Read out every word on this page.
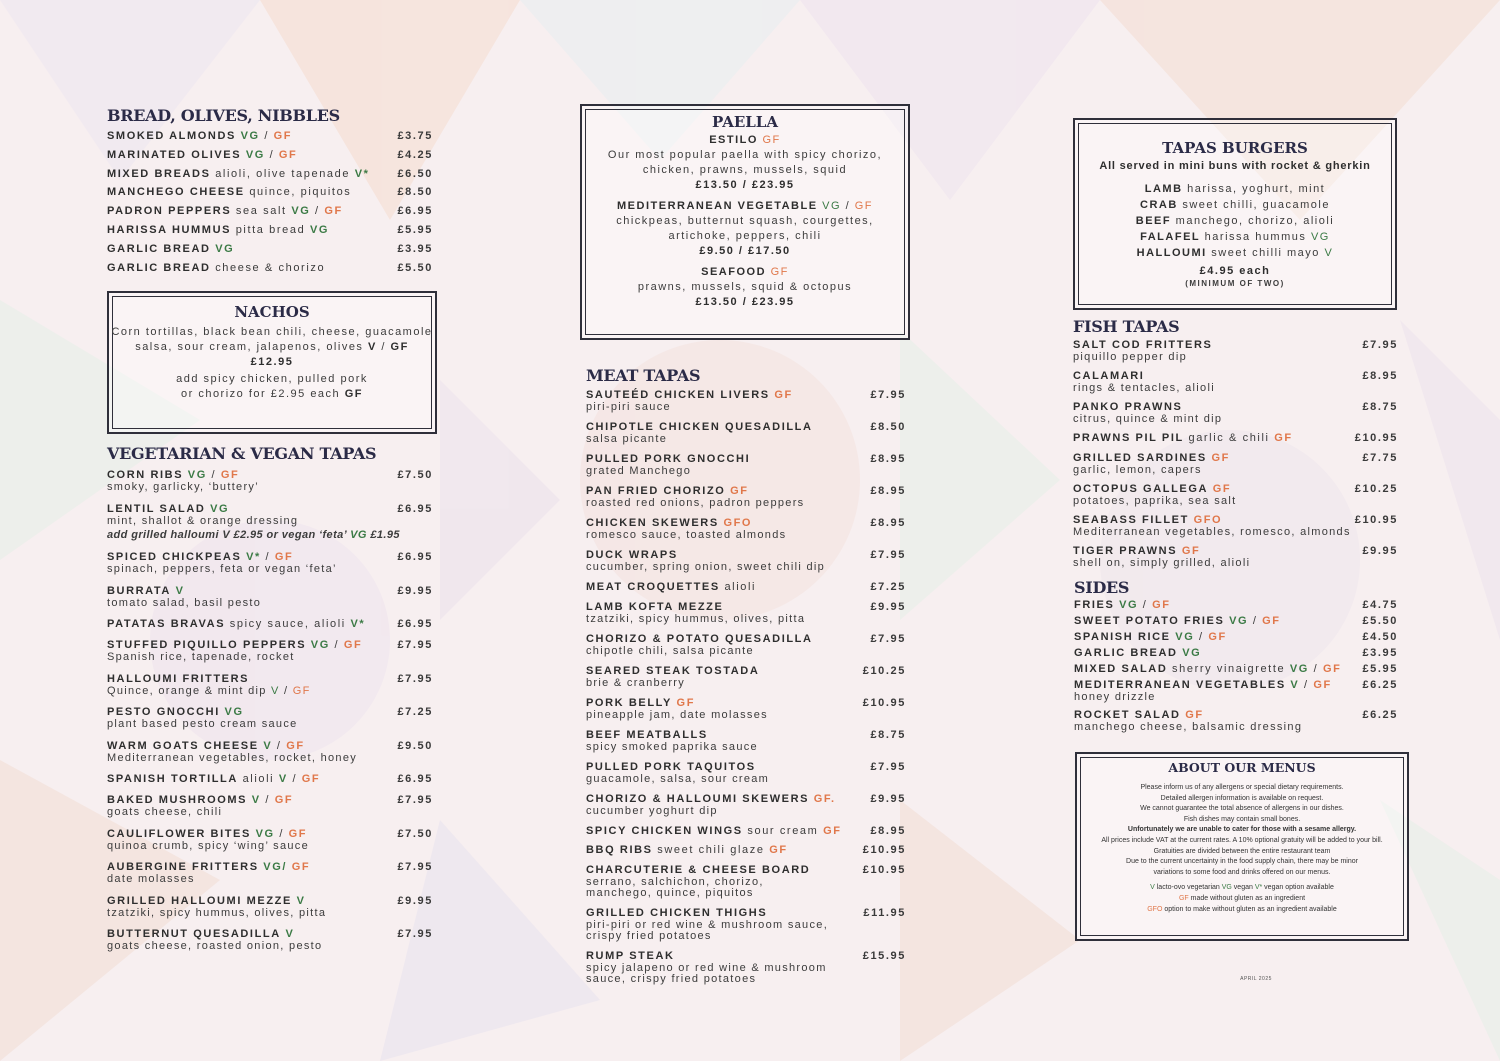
BREAD, OLIVES, NIBBLES
SMOKED ALMONDS VG / GF	£3.75
MARINATED OLIVES VG / GF	£4.25
MIXED BREADS alioli, olive tapenade V*	£6.50
MANCHEGO CHEESE quince, piquitos	£8.50
PADRON PEPPERS sea salt VG / GF	£6.95
HARISSA HUMMUS pitta bread VG	£5.95
GARLIC BREAD VG	£3.95
GARLIC BREAD cheese & chorizo	£5.50
NACHOS
Corn tortillas, black bean chili, cheese, guacamole
salsa, sour cream, jalapenos, olives V / GF
£12.95
add spicy chicken, pulled pork
or chorizo for £2.95 each GF
VEGETARIAN & VEGAN TAPAS
CORN RIBS VG / GF	£7.50
smoky, garlicky, ‘buttery’
LENTIL SALAD VG	£6.95
mint, shallot & orange dressing
add grilled halloumi V £2.95 or vegan ‘feta’ VG £1.95
SPICED CHICKPEAS V* / GF	£6.95
spinach, peppers, feta or vegan ‘feta’
BURRATA V	£9.95
tomato salad, basil pesto
PATATAS BRAVAS spicy sauce, alioli V*	£6.95
STUFFED PIQUILLO PEPPERS VG / GF	£7.95
Spanish rice, tapenade, rocket
HALLOUMI FRITTERS	£7.95
Quince, orange & mint dip V / GF
PESTO GNOCCHI VG	£7.25
plant based pesto cream sauce
WARM GOATS CHEESE V / GF	£9.50
Mediterranean vegetables, rocket, honey
SPANISH TORTILLA alioli V / GF	£6.95
BAKED MUSHROOMS V / GF	£7.95
goats cheese, chili
CAULIFLOWER BITES VG / GF	£7.50
quinoa crumb, spicy ‘wing’ sauce
AUBERGINE FRITTERS VG/ GF	£7.95
date molasses
GRILLED HALLOUMI MEZZE V	£9.95
tzatziki, spicy hummus, olives, pitta
BUTTERNUT QUESADILLA V	£7.95
goats cheese, roasted onion, pesto
PAELLA
ESTILO GF
Our most popular paella with spicy chorizo,
chicken, prawns, mussels, squid
£13.50 / £23.95
MEDITERRANEAN VEGETABLE VG / GF
chickpeas, butternut squash, courgettes,
artichoke, peppers, chili
£9.50 / £17.50
SEAFOOD GF
prawns, mussels, squid & octopus
£13.50 / £23.95
MEAT TAPAS
SAUTEÉD CHICKEN LIVERS GF	£7.95
piri-piri sauce
CHIPOTLE CHICKEN QUESADILLA	£8.50
salsa picante
PULLED PORK GNOCCHI	£8.95
grated Manchego
PAN FRIED CHORIZO GF	£8.95
roasted red onions, padron peppers
CHICKEN SKEWERS GFO	£8.95
romesco sauce, toasted almonds
DUCK WRAPS	£7.95
cucumber, spring onion, sweet chili dip
MEAT CROQUETTES alioli	£7.25
LAMB KOFTA MEZZE	£9.95
tzatziki, spicy hummus, olives, pitta
CHORIZO & POTATO QUESADILLA	£7.95
chipotle chili, salsa picante
SEARED STEAK TOSTADA	£10.25
brie & cranberry
PORK BELLY GF	£10.95
pineapple jam, date molasses
BEEF MEATBALLS	£8.75
spicy smoked paprika sauce
PULLED PORK TAQUITOS	£7.95
guacamole, salsa, sour cream
CHORIZO & HALLOUMI SKEWERS GF.	£9.95
cucumber yoghurt dip
SPICY CHICKEN WINGS sour cream GF	£8.95
BBQ RIBS sweet chili glaze GF	£10.95
CHARCUTERIE & CHEESE BOARD	£10.95
serrano, salchichon, chorizo,
manchego, quince, piquitos
GRILLED CHICKEN THIGHS	£11.95
piri-piri or red wine & mushroom sauce,
crispy fried potatoes
RUMP STEAK	£15.95
spicy jalapeno or red wine & mushroom
sauce, crispy fried potatoes
TAPAS BURGERS
All served in mini buns with rocket & gherkin
LAMB harissa, yoghurt, mint
CRAB sweet chilli, guacamole
BEEF manchego, chorizo, alioli
FALAFEL harissa hummus VG
HALLOUMI sweet chilli mayo V
£4.95 each
(MINIMUM OF TWO)
FISH TAPAS
SALT COD FRITTERS	£7.95
piquillo pepper dip
CALAMARI	£8.95
rings & tentacles, alioli
PANKO PRAWNS	£8.75
citrus, quince & mint dip
PRAWNS PIL PIL garlic & chili GF	£10.95
GRILLED SARDINES GF	£7.75
garlic, lemon, capers
OCTOPUS GALLEGA GF	£10.25
potatoes, paprika, sea salt
SEABASS FILLET GFO	£10.95
Mediterranean vegetables, romesco, almonds
TIGER PRAWNS GF	£9.95
shell on, simply grilled, alioli
SIDES
FRIES VG / GF	£4.75
SWEET POTATO FRIES VG / GF	£5.50
SPANISH RICE VG / GF	£4.50
GARLIC BREAD VG	£3.95
MIXED SALAD sherry vinaigrette VG / GF £5.95
MEDITERRANEAN VEGETABLES V / GF	£6.25
honey drizzle
ROCKET SALAD GF	£6.25
manchego cheese, balsamic dressing
ABOUT OUR MENUS
Please inform us of any allergens or special dietary requirements.
Detailed allergen information is available on request.
We cannot guarantee the total absence of allergens in our dishes.
Fish dishes may contain small bones.
Unfortunately we are unable to cater for those with a sesame allergy.
All prices include VAT at the current rates. A 10% optional gratuity will be added to your bill.
Gratuities are divided between the entire restaurant team
Due to the current uncertainty in the food supply chain, there may be minor
variations to some food and drinks offered on our menus.
V lacto-ovo vegetarian VG vegan V* vegan option available
GF made without gluten as an ingredient
GFO option to make without gluten as an ingredient available
APRIL 2025
